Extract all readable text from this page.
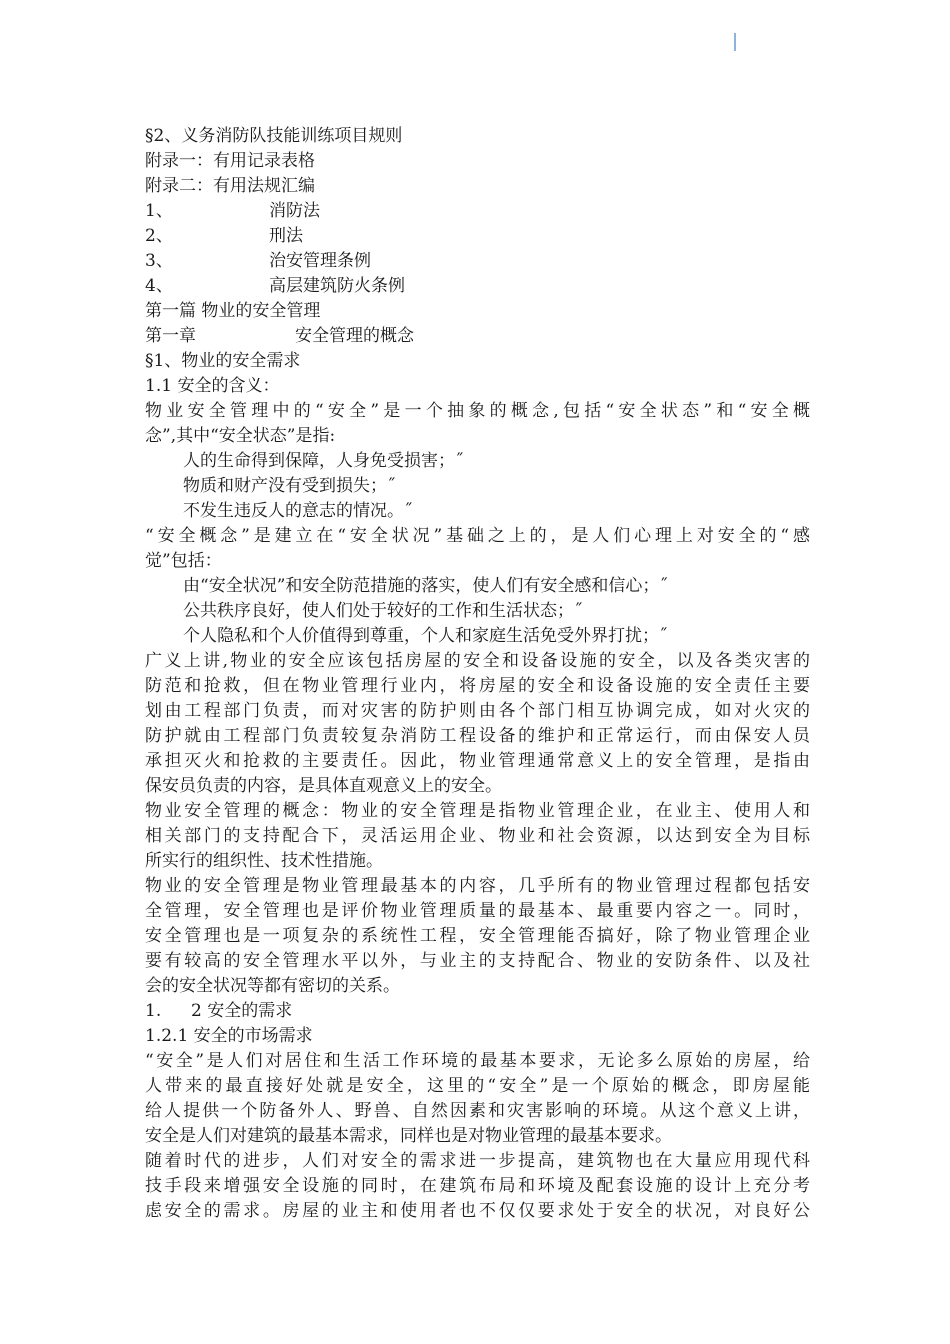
§2、义务消防队技能训练项目规则
附录一：有用记录表格
附录二：有用法规汇编
1、	消防法
2、	刑法
3、	治安管理条例
4、	高层建筑防火条例
第一篇 物业的安全管理
第一章	安全管理的概念
§1、物业的安全需求
1.1 安全的含义：
物业安全管理中的“安全”是一个抽象的概念,包括“安全状态”和“安全概
念”,其中“安全状态”是指:
人的生命得到保障，人身免受损害；˝
物质和财产没有受到损失；˝
不发生违反人的意志的情况。˝
“安全概念”是建立在“安全状况”基础之上的，是人们心理上对安全的“感
觉”包括：
由“安全状况”和安全防范措施的落实，使人们有安全感和信心；˝
公共秩序良好，使人们处于较好的工作和生活状态；˝
个人隐私和个人价值得到尊重，个人和家庭生活免受外界打扰；˝
广义上讲,物业的安全应该包括房屋的安全和设备设施的安全，以及各类灾害的
防范和抢救，但在物业管理行业内，将房屋的安全和设备设施的安全责任主要
划由工程部门负责，而对灾害的防护则由各个部门相互协调完成，如对火灾的
防护就由工程部门负责较复杂消防工程设备的维护和正常运行，而由保安人员
承担灭火和抢救的主要责任。因此，物业管理通常意义上的安全管理，是指由
保安员负责的内容，是具体直观意义上的安全。
物业安全管理的概念：物业的安全管理是指物业管理企业，在业主、使用人和
相关部门的支持配合下，灵活运用企业、物业和社会资源，以达到安全为目标
所实行的组织性、技术性措施。
物业的安全管理是物业管理最基本的内容，几乎所有的物业管理过程都包括安
全管理，安全管理也是评价物业管理质量的最基本、最重要内容之一。同时，
安全管理也是一项复杂的系统性工程，安全管理能否搞好，除了物业管理企业
要有较高的安全管理水平以外，与业主的支持配合、物业的安防条件、以及社
会的安全状况等都有密切的关系。
1. 2 安全的需求
1.2.1 安全的市场需求
“安全”是人们对居住和生活工作环境的最基本要求，无论多么原始的房屋，给
人带来的最直接好处就是安全，这里的“安全”是一个原始的概念，即房屋能
给人提供一个防备外人、野兽、自然因素和灾害影响的环境。从这个意义上讲，
安全是人们对建筑的最基本需求，同样也是对物业管理的最基本要求。
随着时代的进步，人们对安全的需求进一步提高，建筑物也在大量应用现代科
技手段来增强安全设施的同时，在建筑布局和环境及配套设施的设计上充分考
虑安全的需求。房屋的业主和使用者也不仅仅要求处于安全的状况，对良好公
